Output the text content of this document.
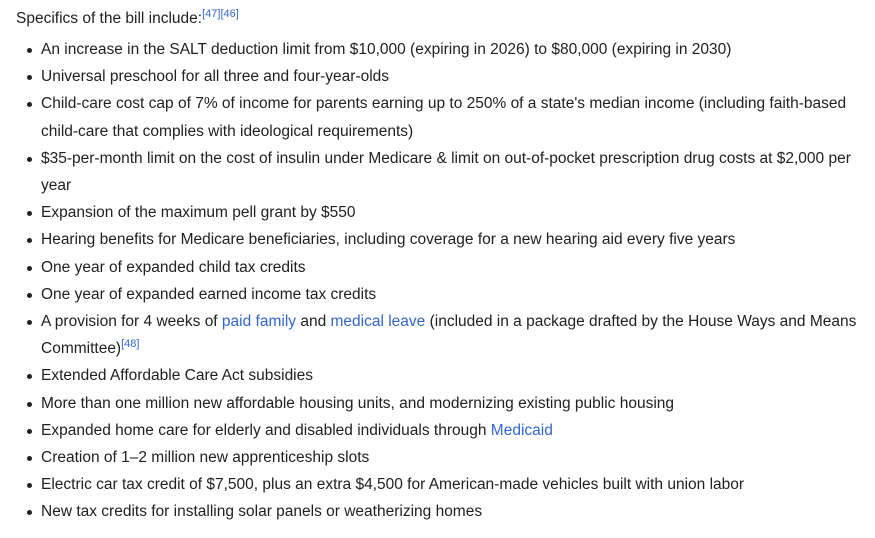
Specifics of the bill include:[47][46]

An increase in the SALT deduction limit from $10,000 (expiring in 2026) to $80,000 (expiring in 2030)
Universal preschool for all three and four-year-olds
Child-care cost cap of 7% of income for parents earning up to 250% of a state's median income (including faith-based child-care that complies with ideological requirements)
$35-per-month limit on the cost of insulin under Medicare & limit on out-of-pocket prescription drug costs at $2,000 per year
Expansion of the maximum pell grant by $550
Hearing benefits for Medicare beneficiaries, including coverage for a new hearing aid every five years
One year of expanded child tax credits
One year of expanded earned income tax credits
A provision for 4 weeks of paid family and medical leave (included in a package drafted by the House Ways and Means Committee)[48]
Extended Affordable Care Act subsidies
More than one million new affordable housing units, and modernizing existing public housing
Expanded home care for elderly and disabled individuals through Medicaid
Creation of 1–2 million new apprenticeship slots
Electric car tax credit of $7,500, plus an extra $4,500 for American-made vehicles built with union labor
New tax credits for installing solar panels or weatherizing homes
